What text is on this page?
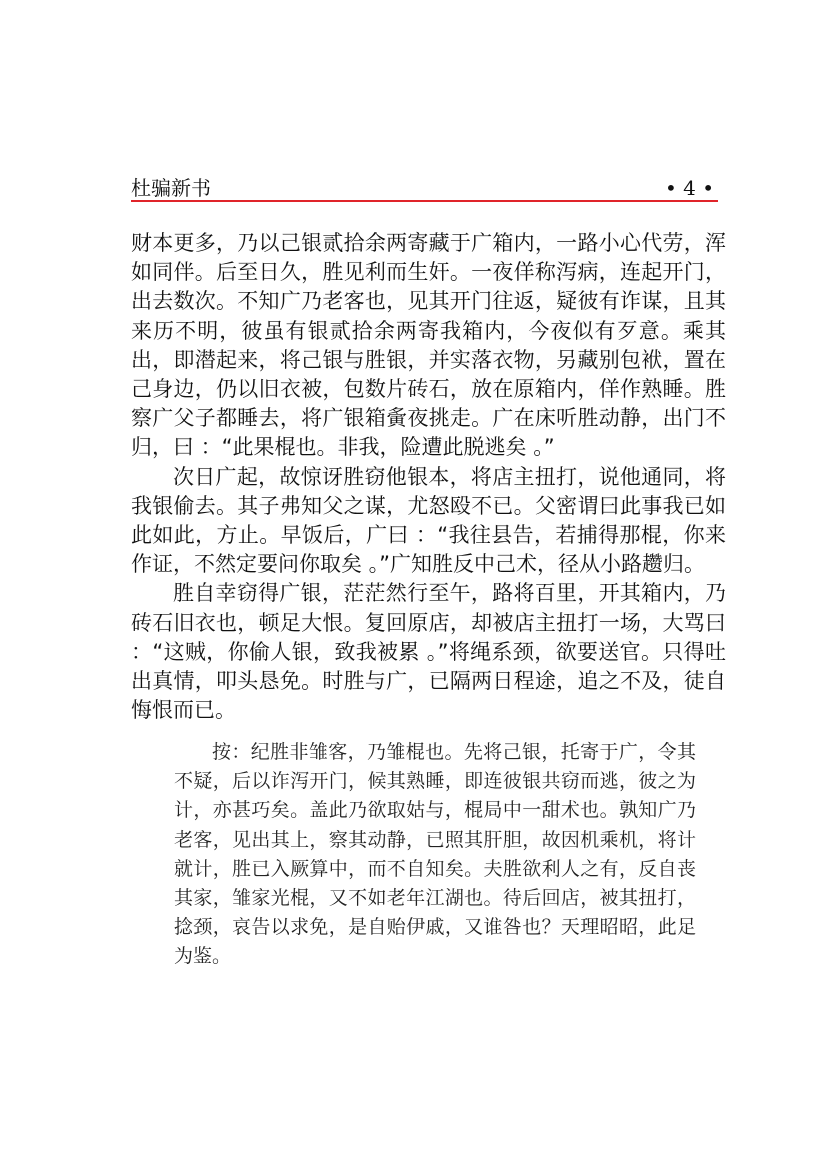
杜骗新书	• 4 •

财本更多，乃以己银贰拾余两寄藏于广箱内，一路小心代劳，浑如同伴。后至日久，胜见利而生奸。一夜佯称泻病，连起开门，出去数次。不知广乃老客也，见其开门往返，疑彼有诈谋，且其来历不明，彼虽有银贰拾余两寄我箱内，今夜似有歹意。乘其出，即潜起来，将己银与胜银，并实落衣物，另藏别包袱，置在己身边，仍以旧衣被，包数片砖石，放在原箱内，佯作熟睡。胜察广父子都睡去，将广银箱夤夜挑走。广在床听胜动静，出门不归，曰 ：“此果棍也。非我，险遭此脱逃矣 。”

次日广起，故惊讶胜窃他银本，将店主扭打，说他通同，将我银偷去。其子弗知父之谋，尤怒殴不已。父密谓曰此事我已如此如此，方止。早饭后，广曰 ：“我往县告，若捕得那棍，你来作证，不然定要问你取矣 。”广知胜反中己术，径从小路趱归。

胜自幸窃得广银，茫茫然行至午，路将百里，开其箱内，乃砖石旧衣也，顿足大恨。复回原店，却被店主扭打一场，大骂曰 ：“这贼，你偷人银，致我被累 。”将绳系颈，欲要送官。只得吐出真情，叩头恳免。时胜与广，已隔两日程途，追之不及，徒自悔恨而已。

按：纪胜非雏客，乃雏棍也。先将己银，托寄于广，令其不疑，后以诈泻开门，候其熟睡，即连彼银共窃而逃，彼之为计，亦甚巧矣。盖此乃欲取姑与，棍局中一甜术也。孰知广乃老客，见出其上，察其动静，已照其肝胆，故因机乘机，将计就计，胜已入厥算中，而不自知矣。夫胜欲利人之有，反自丧其家，雏家光棍，又不如老年江湖也。待后回店，被其扭打，捻颈，哀告以求免，是自贻伊戚，又谁咎也？天理昭昭，此足为鉴。
